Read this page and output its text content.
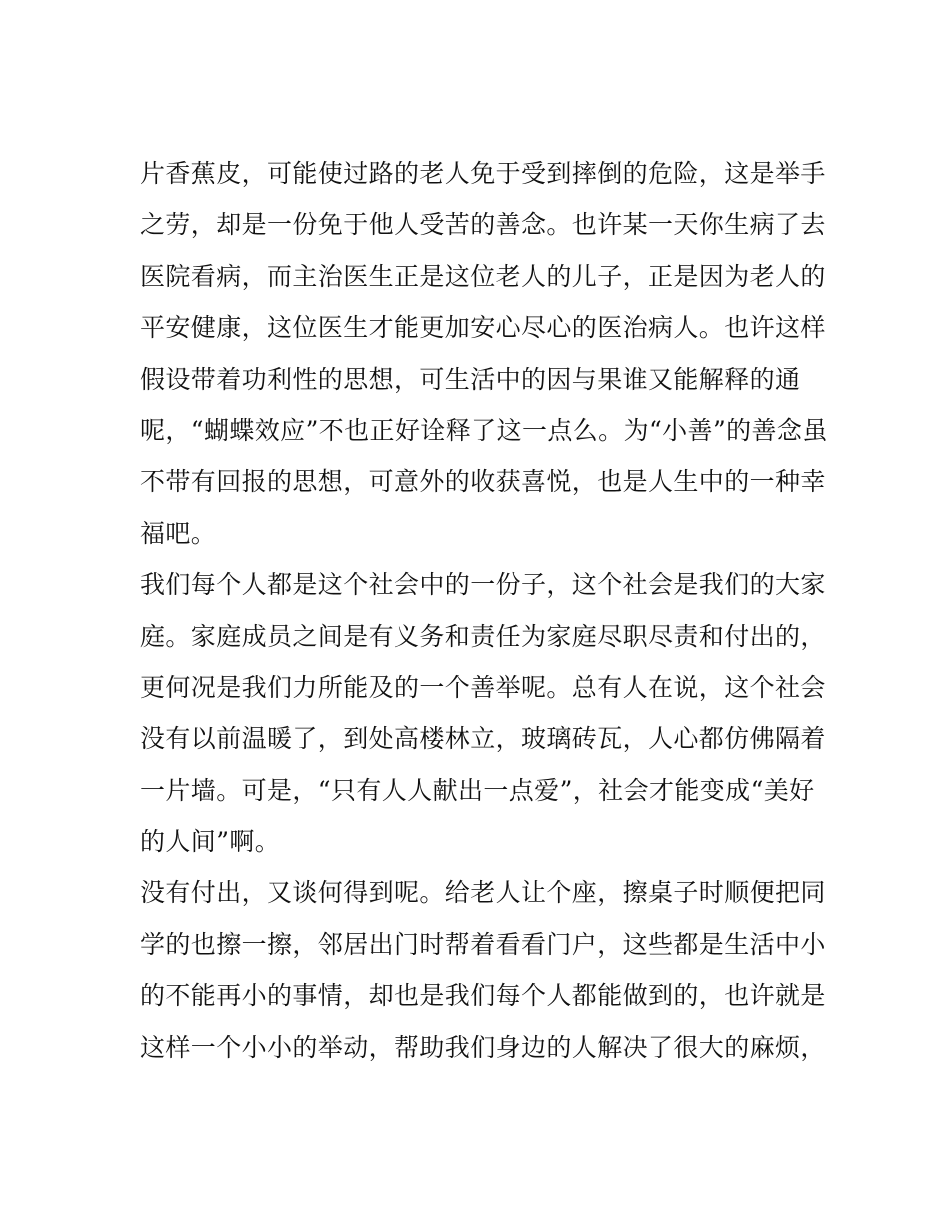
片香蕉皮，可能使过路的老人免于受到摔倒的危险，这是举手
之劳，却是一份免于他人受苦的善念。也许某一天你生病了去
医院看病，而主治医生正是这位老人的儿子，正是因为老人的
平安健康，这位医生才能更加安心尽心的医治病人。也许这样
假设带着功利性的思想，可生活中的因与果谁又能解释的通
呢，“蝴蝶效应”不也正好诠释了这一点么。为“小善”的善念虽
不带有回报的思想，可意外的收获喜悦，也是人生中的一种幸
福吧。
我们每个人都是这个社会中的一份子，这个社会是我们的大家
庭。家庭成员之间是有义务和责任为家庭尽职尽责和付出的，
更何况是我们力所能及的一个善举呢。总有人在说，这个社会
没有以前温暖了，到处高楼林立，玻璃砖瓦，人心都仿佛隔着
一片墙。可是，“只有人人献出一点爱”，社会才能变成“美好
的人间”啊。
没有付出，又谈何得到呢。给老人让个座，擦桌子时顺便把同
学的也擦一擦，邻居出门时帮着看看门户，这些都是生活中小
的不能再小的事情，却也是我们每个人都能做到的，也许就是
这样一个小小的举动，帮助我们身边的人解决了很大的麻烦，
